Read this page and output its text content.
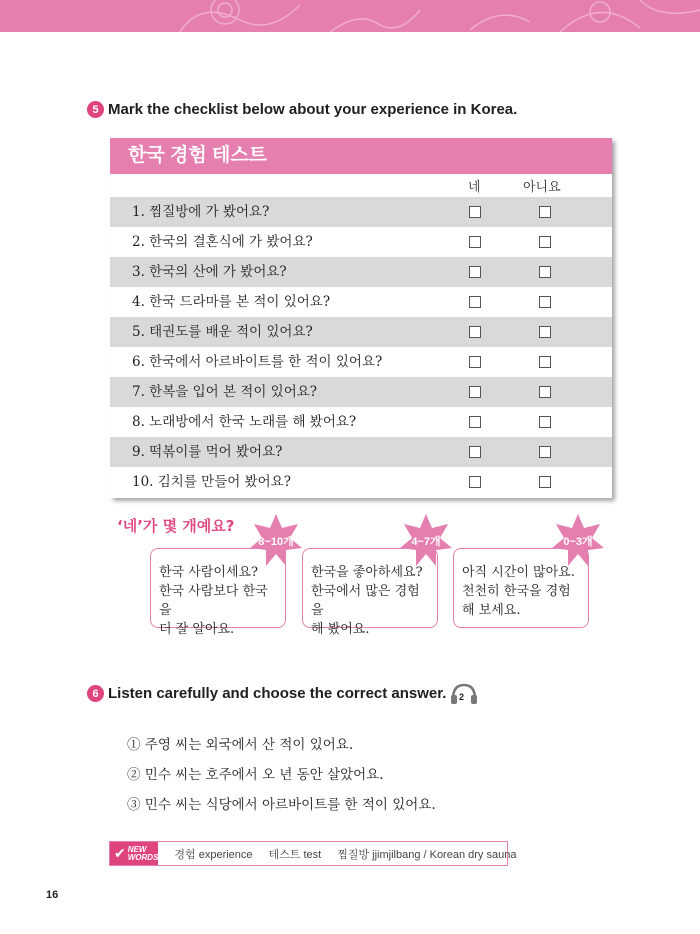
5 Mark the checklist below about your experience in Korea.
한국 경험 테스트
네	아니요
1. 찜질방에 가 봤어요?
2. 한국의 결혼식에 가 봤어요?
3. 한국의 산에 가 봤어요?
4. 한국 드라마를 본 적이 있어요?
5. 태권도를 배운 적이 있어요?
6. 한국에서 아르바이트를 한 적이 있어요?
7. 한복을 입어 본 적이 있어요?
8. 노래방에서 한국 노래를 해 봤어요?
9. 떡볶이를 먹어 봤어요?
10. 김치를 만들어 봤어요?
‘네’가 몇 개예요?
한국 사람이세요?
한국 사람보다 한국을
더 잘 알아요.
한국을 좋아하세요?
한국에서 많은 경험을
해 봤어요.
아직 시간이 많아요.
천천히 한국을 경험
해 보세요.
8~10개	4~7개	0~3개
6 Listen carefully and choose the correct answer. 2
① 주영 씨는 외국에서 산 적이 있어요.
② 민수 씨는 호주에서 오 년 동안 살았어요.
③ 민수 씨는 식당에서 아르바이트를 한 적이 있어요.
✔ NEW
WORDS 경험 experience 테스트 test 찜질방 jjimjilbang / Korean dry sauna
16
